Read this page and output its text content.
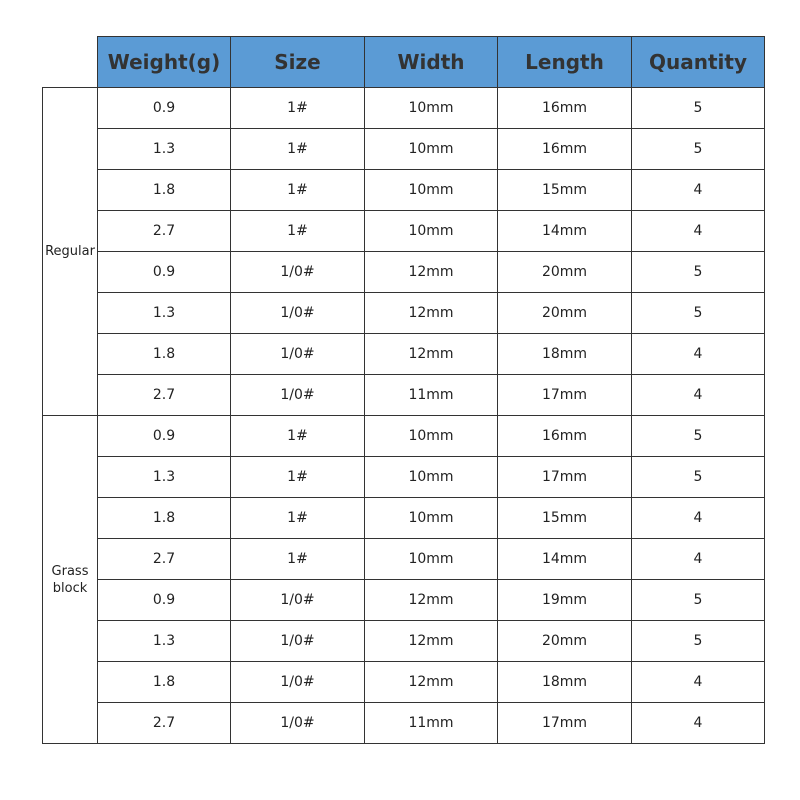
	Weight(g)	Size	Width	Length	Quantity
Regular	0.9	1#	10mm	16mm	5
	1.3	1#	10mm	16mm	5
	1.8	1#	10mm	15mm	4
	2.7	1#	10mm	14mm	4
	0.9	1/0#	12mm	20mm	5
	1.3	1/0#	12mm	20mm	5
	1.8	1/0#	12mm	18mm	4
	2.7	1/0#	11mm	17mm	4
Grass
block	0.9	1#	10mm	16mm	5
	1.3	1#	10mm	17mm	5
	1.8	1#	10mm	15mm	4
	2.7	1#	10mm	14mm	4
	0.9	1/0#	12mm	19mm	5
	1.3	1/0#	12mm	20mm	5
	1.8	1/0#	12mm	18mm	4
	2.7	1/0#	11mm	17mm	4
